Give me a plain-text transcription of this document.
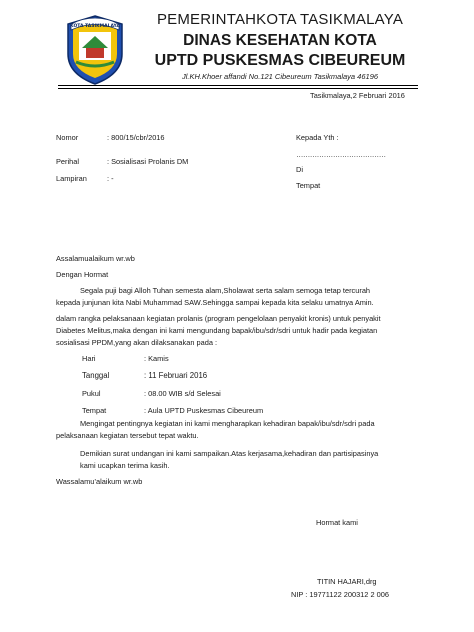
KOTA TASIKMALAYA	PEMERINTAHKOTA TASIKMALAYA
DINAS KESEHATAN KOTA
UPTD PUSKESMAS CIBEUREUM
Jl.KH.Khoer affandi No.121 Cibeureum Tasikmalaya 46196
Tasikmalaya,2 Februari 2016
Nomor	: 800/15/cbr/2016
Perihal	: Sosialisasi Prolanis DM
Lampiran	: -
Kepada Yth :
…………………………………
Di
Tempat
Assalamualaikum wr.wb
Dengan Hormat
Segala puji bagi Alloh Tuhan semesta alam,Sholawat serta salam semoga tetap tercurah
kepada junjunan kita Nabi Muhammad SAW.Sehingga sampai kepada kita selaku umatnya Amin.
dalam rangka pelaksanaan kegiatan prolanis (program pengelolaan penyakit kronis) untuk penyakit
Diabetes Melitus,maka dengan ini kami mengundang bapak/ibu/sdr/sdri untuk hadir pada kegiatan
sosialisasi PPDM,yang akan dilaksanakan pada :
Hari	: Kamis
Tanggal	: 11 Februari 2016
Pukul	: 08.00 WIB s/d Selesai
Tempat	: Aula UPTD Puskesmas Cibeureum
Mengingat pentingnya kegiatan ini kami mengharapkan kehadiran bapak/ibu/sdr/sdri pada
pelaksanaan kegiatan tersebut tepat waktu.
Demikian surat undangan ini kami sampaikan.Atas kerjasama,kehadiran dan partisipasinya
kami ucapkan terima kasih.
Wassalamu’alaikum wr.wb
Hormat kami
TITIN HAJARI,drg
NIP : 19771122 200312 2 006
